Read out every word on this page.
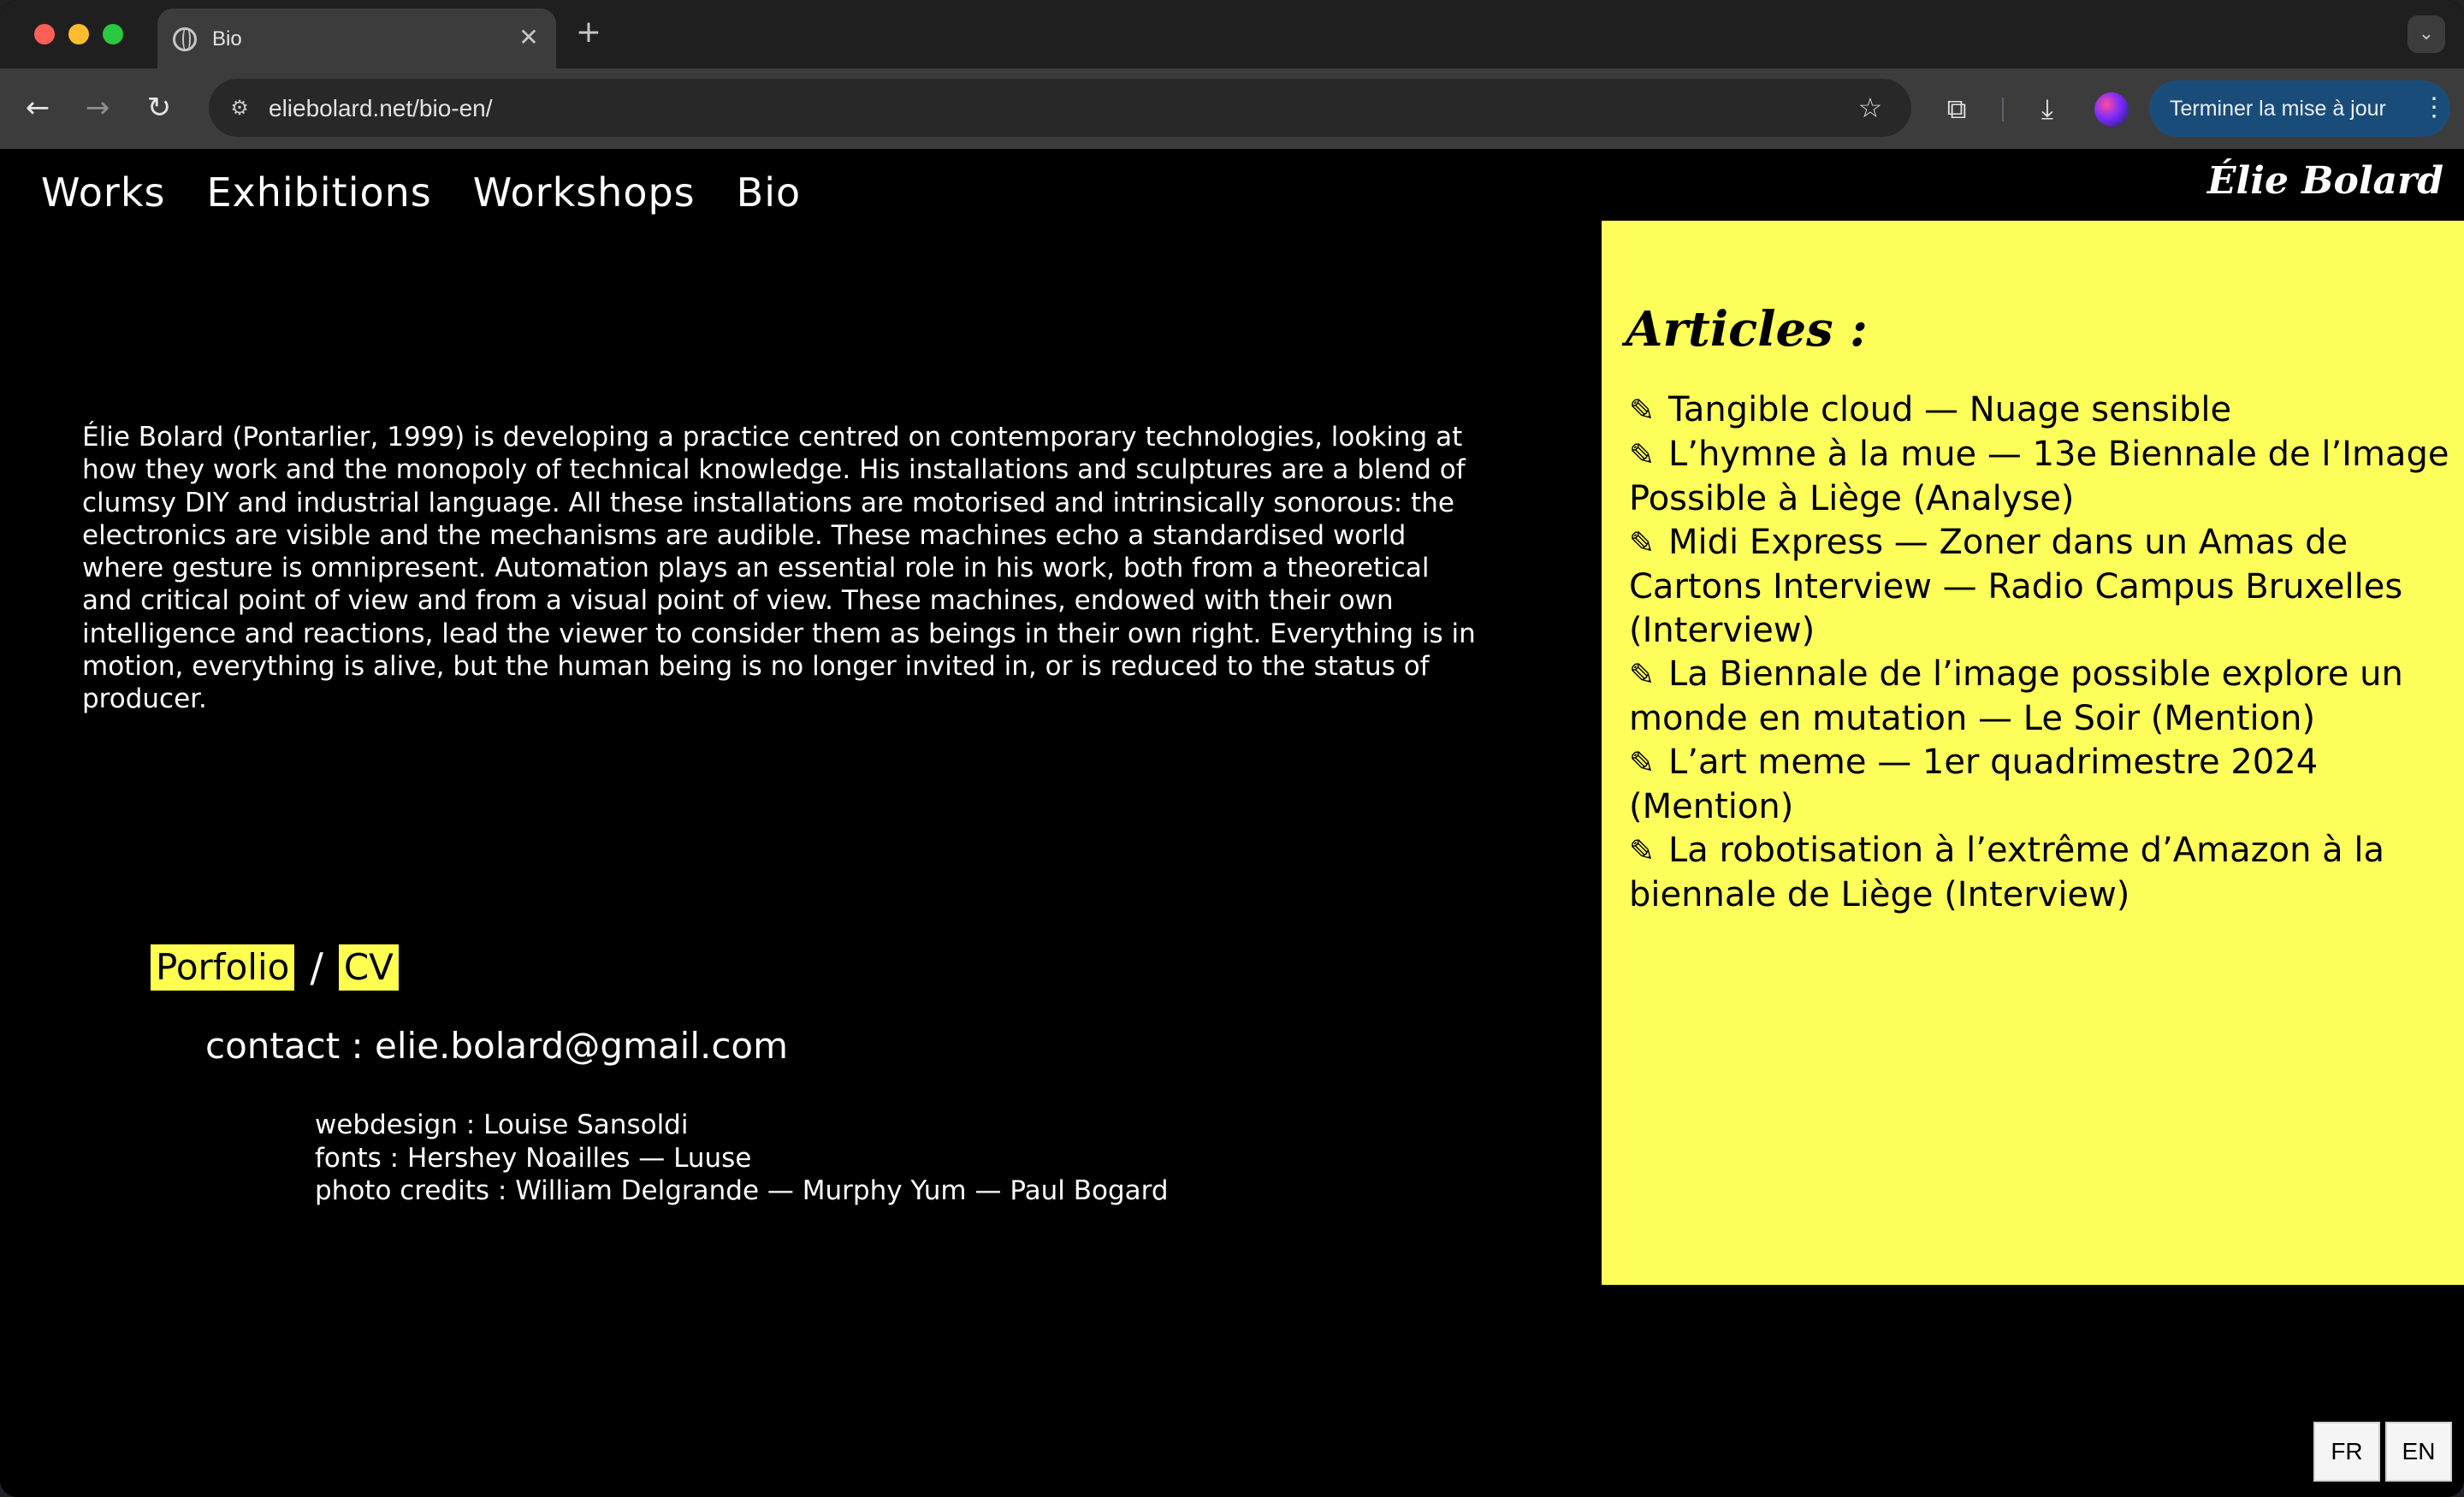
Bio	✕ +	⌄
← → ↻	⚙ eliebolard.net/bio-en/	☆	⧉	⤓	Terminer la mise à jour ⋮
Works Exhibitions Workshops Bio	Élie Bolard

Élie Bolard (Pontarlier, 1999) is developing a practice centred on contemporary technologies, looking at how they work and the monopoly of technical knowledge. His installations and sculptures are a blend of clumsy DIY and industrial language. All these installations are motorised and intrinsically sonorous: the electronics are visible and the mechanisms are audible. These machines echo a standardised world where gesture is omnipresent. Automation plays an essential role in his work, both from a theoretical and critical point of view and from a visual point of view. These machines, endowed with their own intelligence and reactions, lead the viewer to consider them as beings in their own right. Everything is in motion, everything is alive, but the human being is no longer invited in, or is reduced to the status of producer.

Porfolio / CV
contact : elie.bolard@gmail.com
webdesign : Louise Sansoldi
fonts : Hershey Noailles — Luuse
photo credits : William Delgrande — Murphy Yum — Paul Bogard
Articles :
✎ Tangible cloud — Nuage sensible
✎ L’hymne à la mue — 13e Biennale de l’Image Possible à Liège (Analyse)
✎ Midi Express — Zoner dans un Amas de Cartons Interview — Radio Campus Bruxelles (Interview)
✎ La Biennale de l’image possible explore un monde en mutation — Le Soir (Mention)
✎ L’art meme — 1er quadrimestre 2024 (Mention)
✎ La robotisation à l’extrême d’Amazon à la biennale de Liège (Interview)
FR	EN
